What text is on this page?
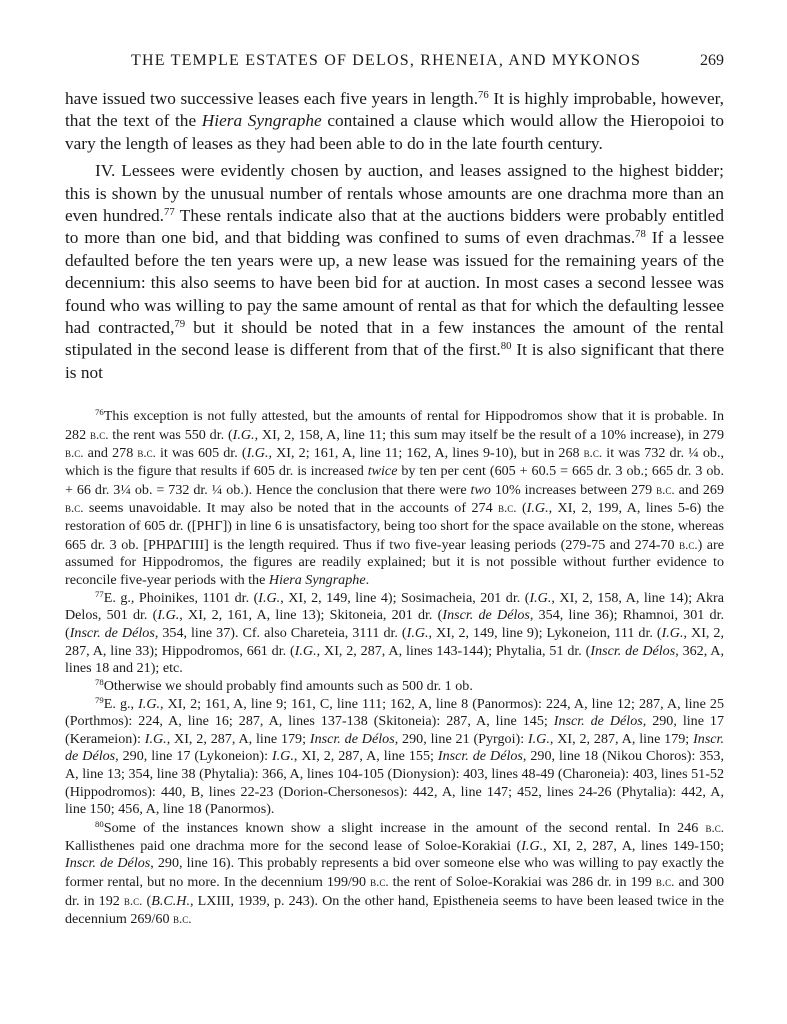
THE TEMPLE ESTATES OF DELOS, RHENEIA, AND MYKONOS	269

have issued two successive leases each five years in length.$^{76}$ It is highly improbable, however, that the text of the Hiera Syngraphe contained a clause which would allow the Hieropoioi to vary the length of leases as they had been able to do in the late fourth century.

IV. Lessees were evidently chosen by auction, and leases assigned to the highest bidder; this is shown by the unusual number of rentals whose amounts are one drachma more than an even hundred.$^{77}$ These rentals indicate also that at the auctions bidders were probably entitled to more than one bid, and that bidding was confined to sums of even drachmas.$^{78}$ If a lessee defaulted before the ten years were up, a new lease was issued for the remaining years of the decennium: this also seems to have been bid for at auction. In most cases a second lessee was found who was willing to pay the same amount of rental as that for which the defaulting lessee had contracted,$^{79}$ but it should be noted that in a few instances the amount of the rental stipulated in the second lease is different from that of the first.$^{80}$ It is also significant that there is not

$^{76}$This exception is not fully attested, but the amounts of rental for Hippodromos show that it is probable. In 282 b.c. the rent was 550 dr. (I.G., XI, 2, 158, A, line 11; this sum may itself be the result of a 10% increase), in 279 b.c. and 278 b.c. it was 605 dr. (I.G., XI, 2; 161, A, line 11; 162, A, lines 9-10), but in 268 b.c. it was 732 dr. ¼ ob., which is the figure that results if 605 dr. is increased twice by ten per cent (605 + 60.5 = 665 dr. 3 ob.; 665 dr. 3 ob. + 66 dr. 3¼ ob. = 732 dr. ¼ ob.). Hence the conclusion that there were two 10% increases between 279 b.c. and 269 b.c. seems unavoidable. It may also be noted that in the accounts of 274 b.c. (I.G., XI, 2, 199, A, lines 5-6) the restoration of 605 dr. ([ΡΗΓ]) in line 6 is unsatisfactory, being too short for the space available on the stone, whereas 665 dr. 3 ob. [ΡΗΡΔΓΙΙΙ] is the length required. Thus if two five-year leasing periods (279-75 and 274-70 b.c.) are assumed for Hippodromos, the figures are readily explained; but it is not possible without further evidence to reconcile five-year periods with the Hiera Syngraphe.

$^{77}$E. g., Phoinikes, 1101 dr. (I.G., XI, 2, 149, line 4); Sosimacheia, 201 dr. (I.G., XI, 2, 158, A, line 14); Akra Delos, 501 dr. (I.G., XI, 2, 161, A, line 13); Skitoneia, 201 dr. (Inscr. de Délos, 354, line 36); Rhamnoi, 301 dr. (Inscr. de Délos, 354, line 37). Cf. also Chareteia, 3111 dr. (I.G., XI, 2, 149, line 9); Lykoneion, 111 dr. (I.G., XI, 2, 287, A, line 33); Hippodromos, 661 dr. (I.G., XI, 2, 287, A, lines 143-144); Phytalia, 51 dr. (Inscr. de Délos, 362, A, lines 18 and 21); etc.

$^{78}$Otherwise we should probably find amounts such as 500 dr. 1 ob.

$^{79}$E. g., I.G., XI, 2; 161, A, line 9; 161, C, line 111; 162, A, line 8 (Panormos): 224, A, line 12; 287, A, line 25 (Porthmos): 224, A, line 16; 287, A, lines 137-138 (Skitoneia): 287, A, line 145; Inscr. de Délos, 290, line 17 (Kerameion): I.G., XI, 2, 287, A, line 179; Inscr. de Délos, 290, line 21 (Pyrgoi): I.G., XI, 2, 287, A, line 179; Inscr. de Délos, 290, line 17 (Lykoneion): I.G., XI, 2, 287, A, line 155; Inscr. de Délos, 290, line 18 (Nikou Choros): 353, A, line 13; 354, line 38 (Phytalia): 366, A, lines 104-105 (Dionysion): 403, lines 48-49 (Charoneia): 403, lines 51-52 (Hippodromos): 440, B, lines 22-23 (Dorion-Chersonesos): 442, A, line 147; 452, lines 24-26 (Phytalia): 442, A, line 150; 456, A, line 18 (Panormos).

$^{80}$Some of the instances known show a slight increase in the amount of the second rental. In 246 b.c. Kallisthenes paid one drachma more for the second lease of Soloe-Korakiai (I.G., XI, 2, 287, A, lines 149-150; Inscr. de Délos, 290, line 16). This probably represents a bid over someone else who was willing to pay exactly the former rental, but no more. In the decennium 199/90 b.c. the rent of Soloe-Korakiai was 286 dr. in 199 b.c. and 300 dr. in 192 b.c. (B.C.H., LXIII, 1939, p. 243). On the other hand, Epistheneia seems to have been leased twice in the decennium 269/60 b.c.
